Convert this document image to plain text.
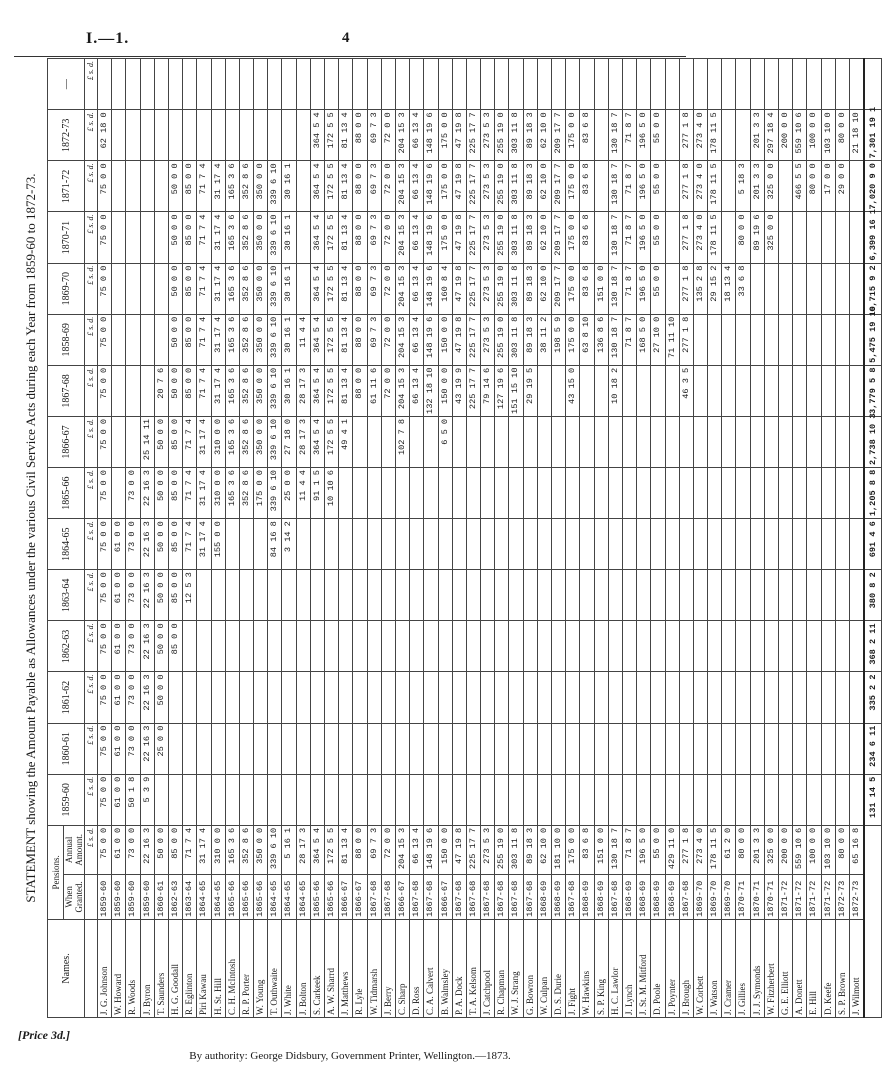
I.—1.	4
STATEMENT showing the Amount Payable as Allowances under the various Civil Service Acts during each Year from 1859-60 to 1872-73.
Names.	Pensions.		1859-60	1860-61	1861-62	1862-63	1863-64	1864-65	1865-66	1866-67	1867-68	1858-69	1869-70	1870-71	1871-72	1872-73	—
	When Granted.	Annual Amount.															
		£ s. d.	£ s. d.	£ s. d.	£ s. d.	£ s. d.	£ s. d.	£ s. d.	£ s. d.	£ s. d.	£ s. d.	£ s. d.	£ s. d.	£ s. d.	£ s. d.	£ s. d.	£ s. d.
J. G. Johnson	1859-60	75 0 0	75 0 0	75 0 0	75 0 0	75 0 0	75 0 0	75 0 0	75 0 0	75 0 0	75 0 0	75 0 0	75 0 0	75 0 0	75 0 0	62 18 0	
W. Howard	1859-60	61 0 0	61 0 0	61 0 0	61 0 0	61 0 0	61 0 0	61 0 0									
R. Woods	1859-60	73 0 0	50 1 8	73 0 0	73 0 0	73 0 0	73 0 0	73 0 0	73 0 0								
J. Byron	1859-60	22 16 3	5 3 9	22 16 3	22 16 3	22 16 3	22 16 3	22 16 3	22 16 3	25 14 11							
T. Saunders	1860-61	50 0 0		25 0 0	50 0 0	50 0 0	50 0 0	50 0 0	50 0 0	50 0 0	20 7 6						
H. G. Goodall	1862-63	85 0 0				85 0 0	85 0 0	85 0 0	85 0 0	85 0 0	50 0 0	50 0 0	50 0 0	50 0 0	50 0 0		
R. Eglinton	1863-64	71 7 4					12 5 3	71 7 4	71 7 4	71 7 4	85 0 0	85 0 0	85 0 0	85 0 0	85 0 0		
Piri Kawau	1864-65	31 17 4						31 17 4	31 17 4	31 17 4	71 7 4	71 7 4	71 7 4	71 7 4	71 7 4		
H. St. Hill	1864-65	310 0 0						155 0 0	310 0 0	310 0 0	31 17 4	31 17 4	31 17 4	31 17 4	31 17 4		
C. H. McIntosh	1865-66	165 3 6							165 3 6	165 3 6	165 3 6	165 3 6	165 3 6	165 3 6	165 3 6		
R. P. Porter	1865-66	352 8 6							352 8 6	352 8 6	352 8 6	352 8 6	352 8 6	352 8 6	352 8 6		
W. Young	1865-66	350 0 0							175 0 0	350 0 0	350 0 0	350 0 0	350 0 0	350 0 0	350 0 0		
T. Outhwaite	1864-65	339 6 10						84 16 8	339 6 10	339 6 10	339 6 10	339 6 10	339 6 10	339 6 10	339 6 10		
J. White	1864-65	5 16 1						3 14 2	25 0 0	27 18 0	30 16 1	30 16 1	30 16 1	30 16 1	30 16 1		
J. Bolton	1864-65	28 17 3							11 4 4	28 17 3	28 17 3	11 4 4					
S. Carkeek	1865-66	364 5 4							91 1 5	364 5 4	364 5 4	364 5 4	364 5 4	364 5 4	364 5 4	364 5 4	
A. W. Sharrd	1865-66	172 5 5							10 10 6	172 5 5	172 5 5	172 5 5	172 5 5	172 5 5	172 5 5	172 5 5	
J. Matthews	1866-67	81 13 4								49 4 1	81 13 4	81 13 4	81 13 4	81 13 4	81 13 4	81 13 4	
R. Lyle	1866-67	88 0 0									88 0 0	88 0 0	88 0 0	88 0 0	88 0 0	88 0 0	
W. Tidmarsh	1867-68	69 7 3									61 11 6	69 7 3	69 7 3	69 7 3	69 7 3	69 7 3	
J. Berry	1867-68	72 0 0									72 0 0	72 0 0	72 0 0	72 0 0	72 0 0	72 0 0	
C. Sharp	1866-67	204 15 3								102 7 8	204 15 3	204 15 3	204 15 3	204 15 3	204 15 3	204 15 3	
D. Ross	1867-68	66 13 4									66 13 4	66 13 4	66 13 4	66 13 4	66 13 4	66 13 4	
C. A. Calvert	1867-68	148 19 6									132 18 10	148 19 6	148 19 6	148 19 6	148 19 6	148 19 6	
B. Walmsley	1866-67	150 0 0								6 5 0	150 0 0	150 0 0	160 8 4	175 0 0	175 0 0	175 0 0	
P. A. Dock	1867-68	47 19 8									43 19 9	47 19 8	47 19 8	47 19 8	47 19 8	47 19 8	
T. A. Kelsom	1867-68	225 17 7									225 17 7	225 17 7	225 17 7	225 17 7	225 17 7	225 17 7	
J. Catchpool	1867-68	273 5 3									79 14 6	273 5 3	273 5 3	273 5 3	273 5 3	273 5 3	
R. Chapman	1867-68	255 19 0									127 19 6	255 19 0	255 19 0	255 19 0	255 19 0	255 19 0	
W. J. Strang	1867-68	303 11 8									151 15 10	303 11 8	303 11 8	303 11 8	303 11 8	303 11 8	
G. Bowron	1867-68	89 18 3									29 19 5	89 18 3	89 18 3	89 18 3	89 18 3	89 18 3	
W. Culpan	1868-69	62 10 0										38 11 2	62 10 0	62 10 0	62 10 0	62 10 0	
D. S. Durie	1868-69	181 10 0										198 5 9	209 17 7	209 17 7	209 17 7	209 17 7	
J. Fight	1867-68	175 0 0									43 15 0	175 0 0	175 0 0	175 0 0	175 0 0	175 0 0	
W. Hawkins	1868-69	83 6 8										63 8 10	83 6 8	83 6 8	83 6 8	83 6 8	
S. P. King	1868-69	151 0 0										136 8 6	151 0 0				
H. C. Lawlor	1867-68	130 18 7									10 18 2	130 18 7	130 18 7	130 18 7	130 18 7	130 18 7	
J. Lynch	1868-69	71 8 7										71 8 7	71 8 7	71 8 7	71 8 7	71 8 7	
J. St. M. Mitford	1868-69	196 5 0										168 5 0	196 5 0	196 5 0	196 5 0	196 5 0	
D. Poole	1868-69	55 0 0										27 10 0	55 0 0	55 0 0	55 0 0	55 0 0	
J. Poynter	1868-69	429 11 0										71 11 10					
J. Brough	1867-68	277 1 8									46 3 5	277 1 8	277 1 8	277 1 8	277 1 8	277 1 8	
W. Corbett	1869-70	273 4 0											135 2 8	273 4 0	273 4 0	273 4 0	
J. Watson	1869-70	178 11 5											29 15 2	178 11 5	178 11 5	178 11 5	
J. Cramer	1869-70	61 2 0											18 13 4				
J. Gillies	1870-71	80 0 0											33 6 8	80 0 0	5 18 3		
J. J. Symonds	1870-71	201 3 3												89 19 6	201 3 3	201 3 3	
W. Fitzherbert	1870-71	325 0 0												325 0 0	325 0 0	297 18 4	
G. E. Elliott	1871-72	200 0 0														200 0 0	
A. Donett	1871-72	559 10 6													466 5 5	559 10 6	
E. Hill	1871-72	100 0 0													80 0 0	100 0 0	
D. Keefe	1871-72	103 10 0													17 0 0	103 10 0	
S. P. Brown	1872-73	80 0 0													29 0 0	80 0 0	
J. Wilmott	1872-73	65 16 8														21 18 10	
			131 14 5	234 6 11	335 2 2	368 2 11	380 8 2	691 4 6	1,205 8 8	2,738 10 3	3,779 5 8	5,475 19 10	6,715 9 2	6,399 16 1	7,020 9 0	7,301 19 1	
[Price 3d.]
By authority: George Didsbury, Government Printer, Wellington.—1873.
